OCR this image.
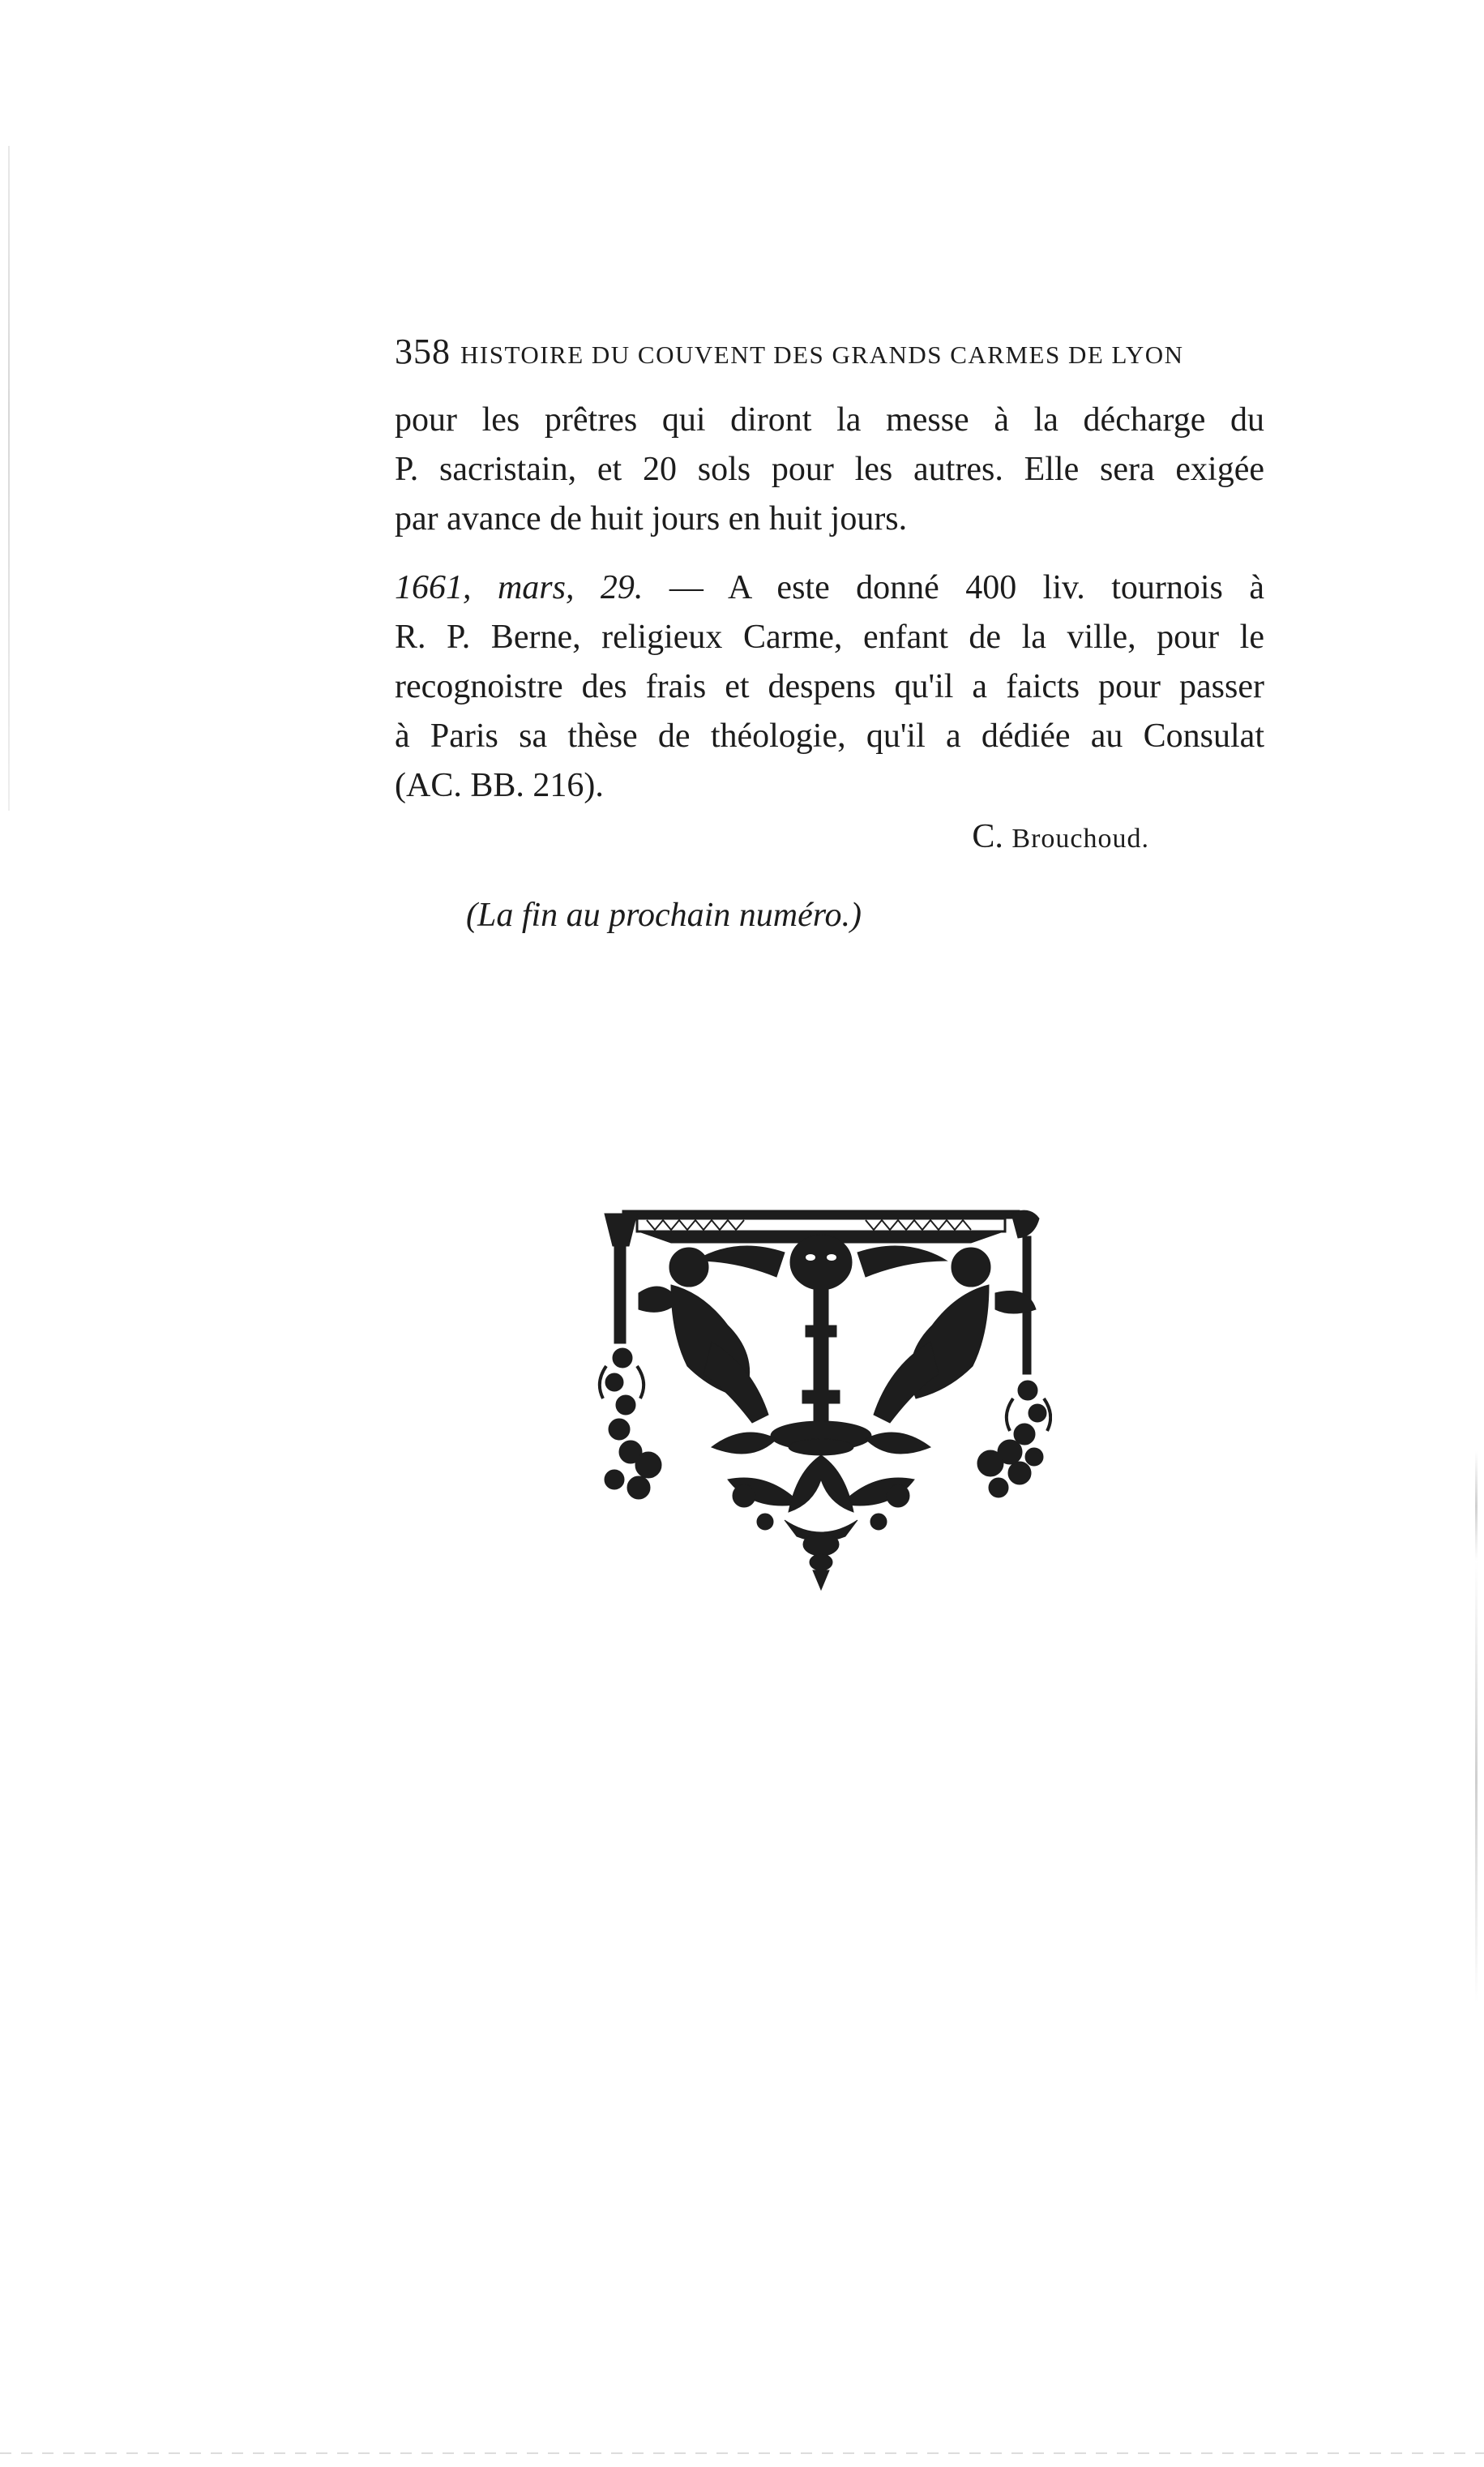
358 HISTOIRE DU COUVENT DES GRANDS CARMES DE LYON
pour les prêtres qui diront la messe à la décharge du
P. sacristain, et 20 sols pour les autres. Elle sera exigée
par avance de huit jours en huit jours.
1661, mars, 29. — A este donné 400 liv. tournois à
R. P. Berne, religieux Carme, enfant de la ville, pour le
recognoistre des frais et despens qu'il a faicts pour passer
à Paris sa thèse de théologie, qu'il a dédiée au Consulat
(AC. BB. 216).
C. Brouchoud.
(La fin au prochain numéro.)
